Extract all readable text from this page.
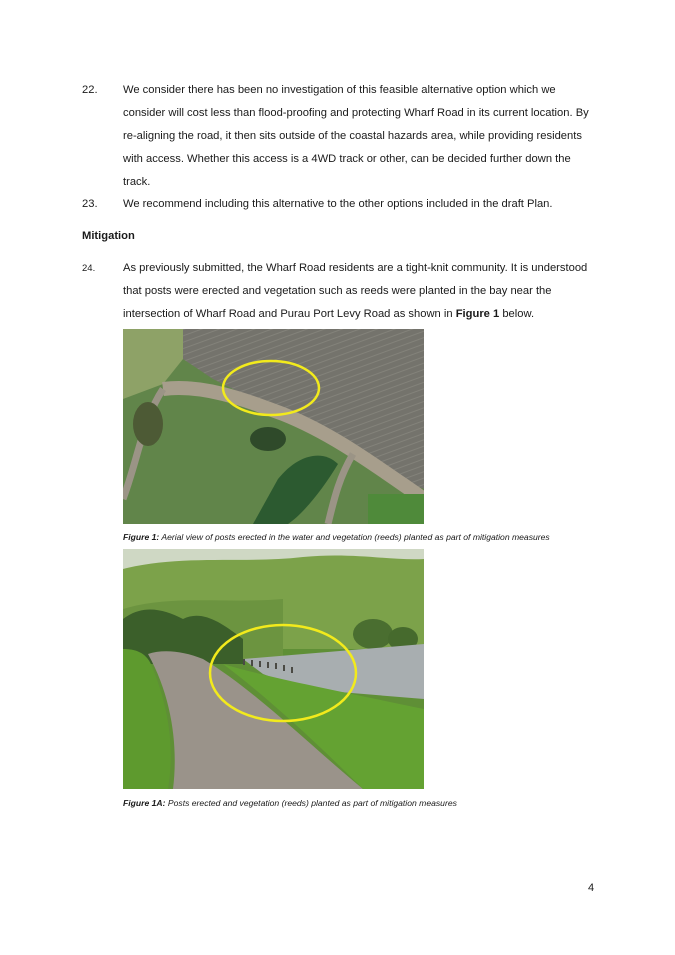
22. We consider there has been no investigation of this feasible alternative option which we consider will cost less than flood-proofing and protecting Wharf Road in its current location. By re-aligning the road, it then sits outside of the coastal hazards area, while providing residents with access. Whether this access is a 4WD track or other, can be decided further down the track.
23. We recommend including this alternative to the other options included in the draft Plan.
Mitigation
24. As previously submitted, the Wharf Road residents are a tight-knit community. It is understood that posts were erected and vegetation such as reeds were planted in the bay near the intersection of Wharf Road and Purau Port Levy Road as shown in Figure 1 below.
Figure 1: Aerial view of posts erected in the water and vegetation (reeds) planted as part of mitigation measures
Figure 1A: Posts erected and vegetation (reeds) planted as part of mitigation measures
4
